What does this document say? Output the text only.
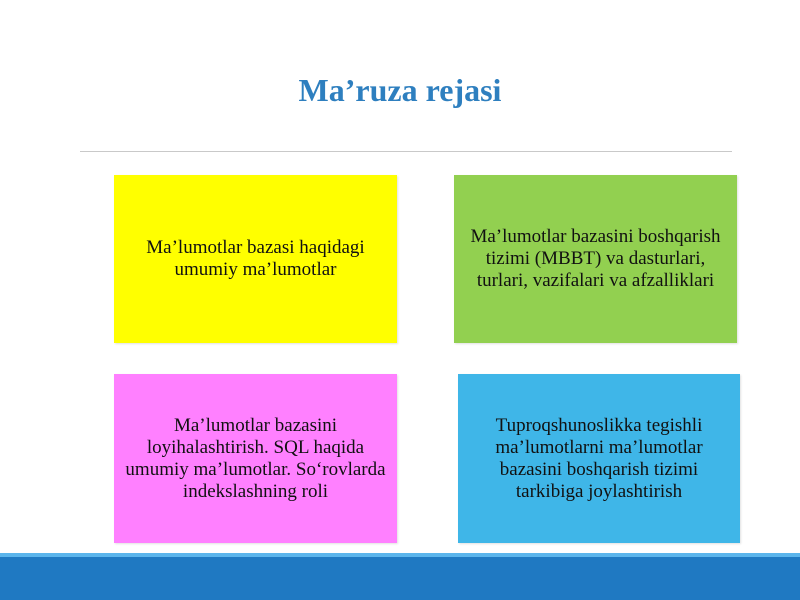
Ma’ruza rejasi
Ma’lumotlar bazasi haqidagi umumiy ma’lumotlar
Ma’lumotlar bazasini boshqarish tizimi (MBBT) va dasturlari, turlari, vazifalari va afzalliklari
Ma’lumotlar bazasini loyihalashtirish. SQL haqida umumiy ma’lumotlar. So‘rovlarda indekslashning roli
Tuproqshunoslikka tegishli ma’lumotlarni ma’lumotlar bazasini boshqarish tizimi tarkibiga joylashtirish
